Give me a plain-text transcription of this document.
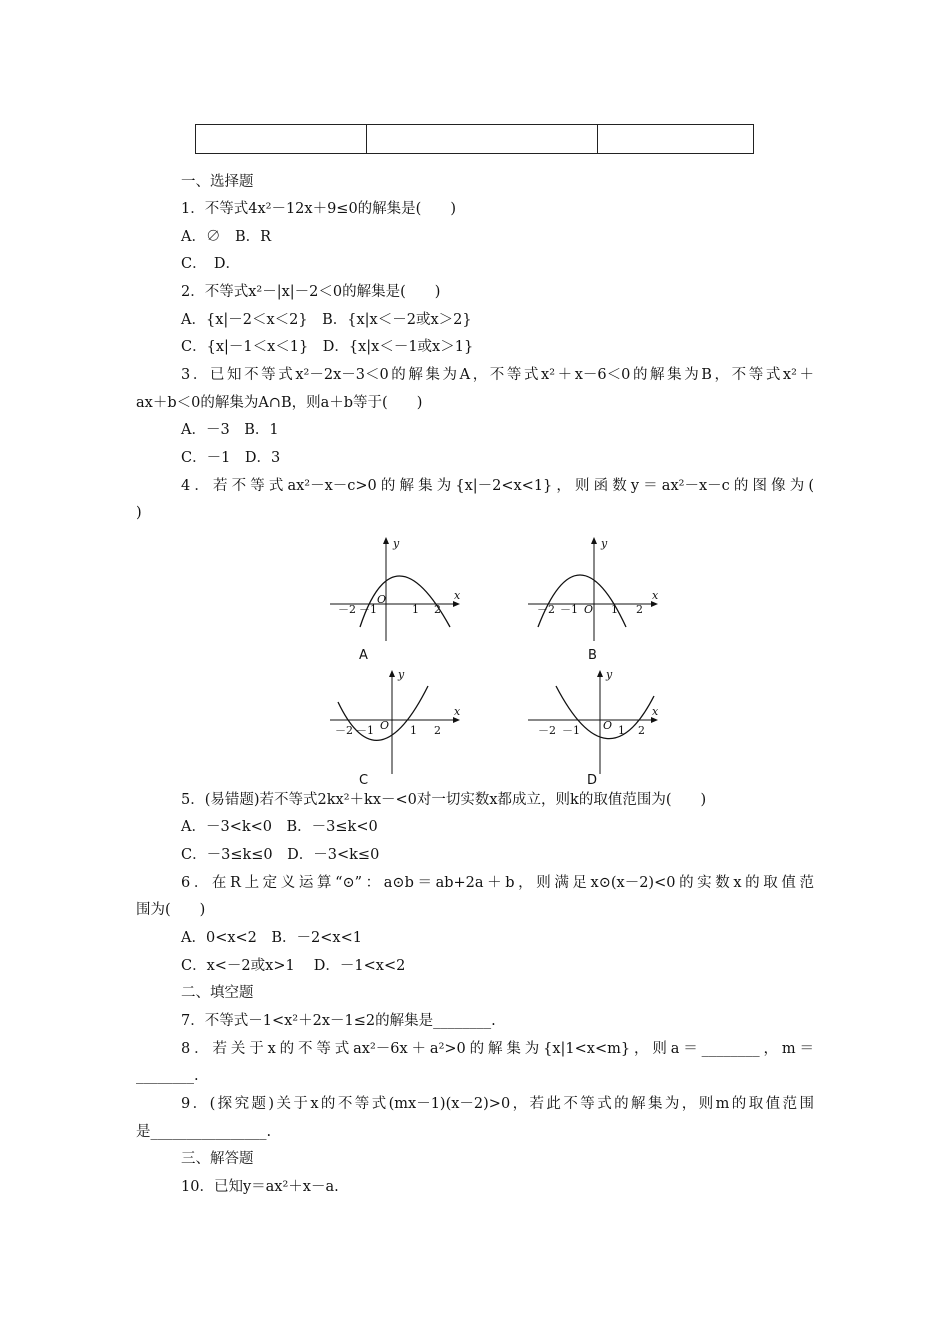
一、选择题
1．不等式4x²－12x＋9≤0的解集是(　　)
A．∅　B．R
C．　D．
2．不等式x²－|x|－2＜0的解集是(　　)
A．{x|－2＜x＜2}　B．{x|x＜－2或x＞2}
C．{x|－1＜x＜1}　D．{x|x＜－1或x＞1}
3．已知不等式x²－2x－3＜0的解集为A，不等式x²＋x－6＜0的解集为B，不等式x²＋
ax＋b＜0的解集为A∩B，则a＋b等于(　　)
A．－3　B．1
C．－1　D．3
4．若不等式ax²－x－c>0的解集为{x|－2<x<1}，则函数y＝ax²－x－c的图像为(
)
y
x
O
－2 －1	1 2
A
y
x
O
－2 －1	1 2
B
y
x
O
－2 －1	1 2
C
y
x
O
－2 －1	1 2
D
5．(易错题)若不等式2kx²＋kx－<0对一切实数x都成立，则k的取值范围为(　　)
A．－3<k<0　B．－3≤k<0
C．－3≤k≤0　D．－3<k≤0
6．在R上定义运算“⊙”：a⊙b＝ab+2a＋b，则满足x⊙(x－2)<0的实数x的取值范
围为(　　)
A．0<x<2　B．－2<x<1
C．x<－2或x>1　 D．－1<x<2
二、填空题
7．不等式－1<x²＋2x－1≤2的解集是________.
8．若关于x的不等式ax²－6x＋a²>0的解集为{x|1<x<m}，则a＝________，m＝
________.
9．(探究题)关于x的不等式(mx－1)(x－2)>0，若此不等式的解集为，则m的取值范围
是________________.
三、解答题
10．已知y＝ax²＋x－a.
